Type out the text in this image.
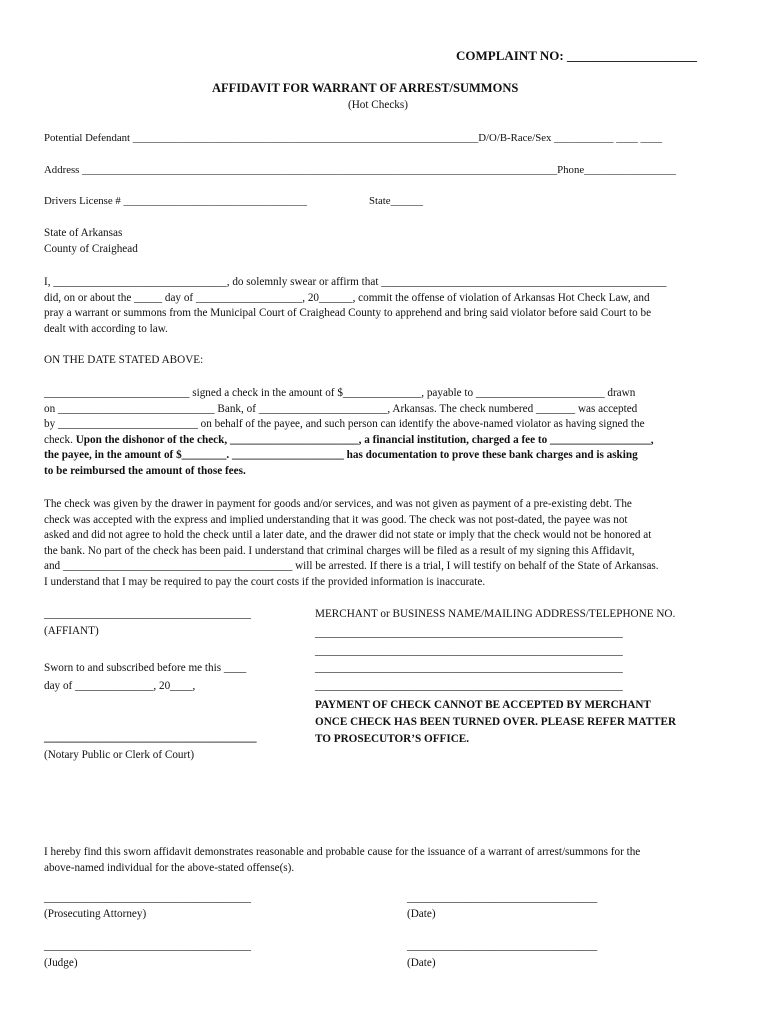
COMPLAINT NO: ____________________
AFFIDAVIT FOR WARRANT OF ARREST/SUMMONS
(Hot Checks)
Potential Defendant ________________________________________________________________D/O/B-Race/Sex ___________ ____ ____
Address ________________________________________________________________________________________Phone_________________
Drivers License # __________________________________	State______
State of Arkansas
County of Craighead
I, _______________________________, do solemnly swear or affirm that ___________________________________________________
did, on or about the _____ day of ___________________, 20______, commit the offense of violation of Arkansas Hot Check Law, and
pray a warrant or summons from the Municipal Court of Craighead County to apprehend and bring said violator before said Court to be
dealt with according to law.
ON THE DATE STATED ABOVE:
__________________________ signed a check in the amount of $______________, payable to _______________________ drawn
on ____________________________ Bank, of _______________________, Arkansas. The check numbered _______ was accepted
by _________________________ on behalf of the payee, and such person can identify the above-named violator as having signed the
check. Upon the dishonor of the check, _______________________, a financial institution, charged a fee to __________________,
the payee, in the amount of $________. ____________________ has documentation to prove these bank charges and is asking
to be reimbursed the amount of those fees.
The check was given by the drawer in payment for goods and/or services, and was not given as payment of a pre-existing debt. The
check was accepted with the express and implied understanding that it was good. The check was not post-dated, the payee was not
asked and did not agree to hold the check until a later date, and the drawer did not state or imply that the check would not be honored at
the bank. No part of the check has been paid. I understand that criminal charges will be filed as a result of my signing this Affidavit,
and _________________________________________ will be arrested. If there is a trial, I will testify on behalf of the State of Arkansas.
I understand that I may be required to pay the court costs if the provided information is inaccurate.
_____________________________________
(AFFIANT)
Sworn to and subscribed before me this ____
day of ______________, 20____,
______________________________________
(Notary Public or Clerk of Court)
MERCHANT or BUSINESS NAME/MAILING ADDRESS/TELEPHONE NO.
_______________________________________________________
_______________________________________________________
_______________________________________________________
_______________________________________________________
PAYMENT OF CHECK CANNOT BE ACCEPTED BY MERCHANT
ONCE CHECK HAS BEEN TURNED OVER. PLEASE REFER MATTER
TO PROSECUTOR’S OFFICE.
I hereby find this sworn affidavit demonstrates reasonable and probable cause for the issuance of a warrant of arrest/summons for the
above-named individual for the above-stated offense(s).
_____________________________________
(Prosecuting Attorney)
__________________________________
(Date)
_____________________________________
(Judge)
__________________________________
(Date)
